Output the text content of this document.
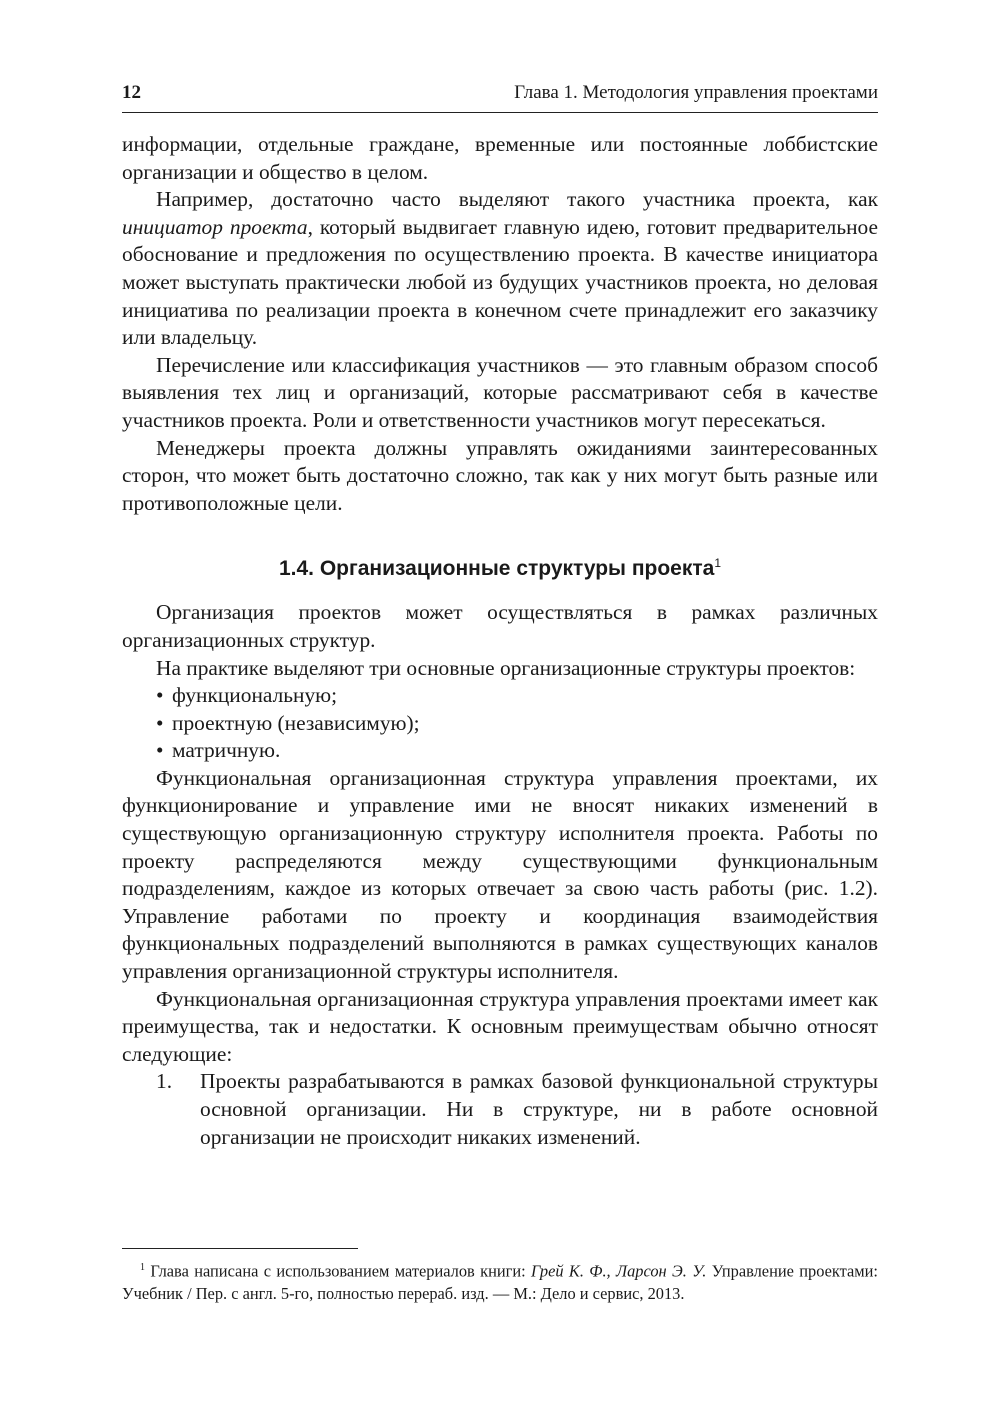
12	Глава 1. Методология управления проектами

информации, отдельные граждане, временные или постоянные лоббистские организации и общество в целом.

Например, достаточно часто выделяют такого участника проекта, как инициатор проекта, который выдвигает главную идею, готовит предварительное обоснование и предложения по осуществлению проекта. В качестве инициатора может выступать практически любой из будущих участников проекта, но деловая инициатива по реализации проекта в конечном счете принадлежит его заказчику или владельцу.

Перечисление или классификация участников — это главным образом способ выявления тех лиц и организаций, которые рассматривают себя в качестве участников проекта. Роли и ответственности участников могут пересекаться.

Менеджеры проекта должны управлять ожиданиями заинтересованных сторон, что может быть достаточно сложно, так как у них могут быть разные или противоположные цели.

1.4. Организационные структуры проекта$^1$

Организация проектов может осуществляться в рамках различных организационных структур.

На практике выделяют три основные организационные структуры проектов:

• функциональную;
• проектную (независимую);
• матричную.

Функциональная организационная структура управления проектами, их функционирование и управление ими не вносят никаких изменений в существующую организационную структуру исполнителя проекта. Работы по проекту распределяются между существующими функциональным подразделениям, каждое из которых отвечает за свою часть работы (рис. 1.2). Управление работами по проекту и координация взаимодействия функциональных подразделений выполняются в рамках существующих каналов управления организационной структуры исполнителя.

Функциональная организационная структура управления проектами имеет как преимущества, так и недостатки. К основным преимуществам обычно относят следующие:

1. Проекты разрабатываются в рамках базовой функциональной структуры основной организации. Ни в структуре, ни в работе основной организации не происходит никаких изменений.
$^1$ Глава написана с использованием материалов книги: Грей К. Ф., Ларсон Э. У. Управление проектами: Учебник / Пер. с англ. 5-го, полностью перераб. изд. — М.: Дело и сервис, 2013.
